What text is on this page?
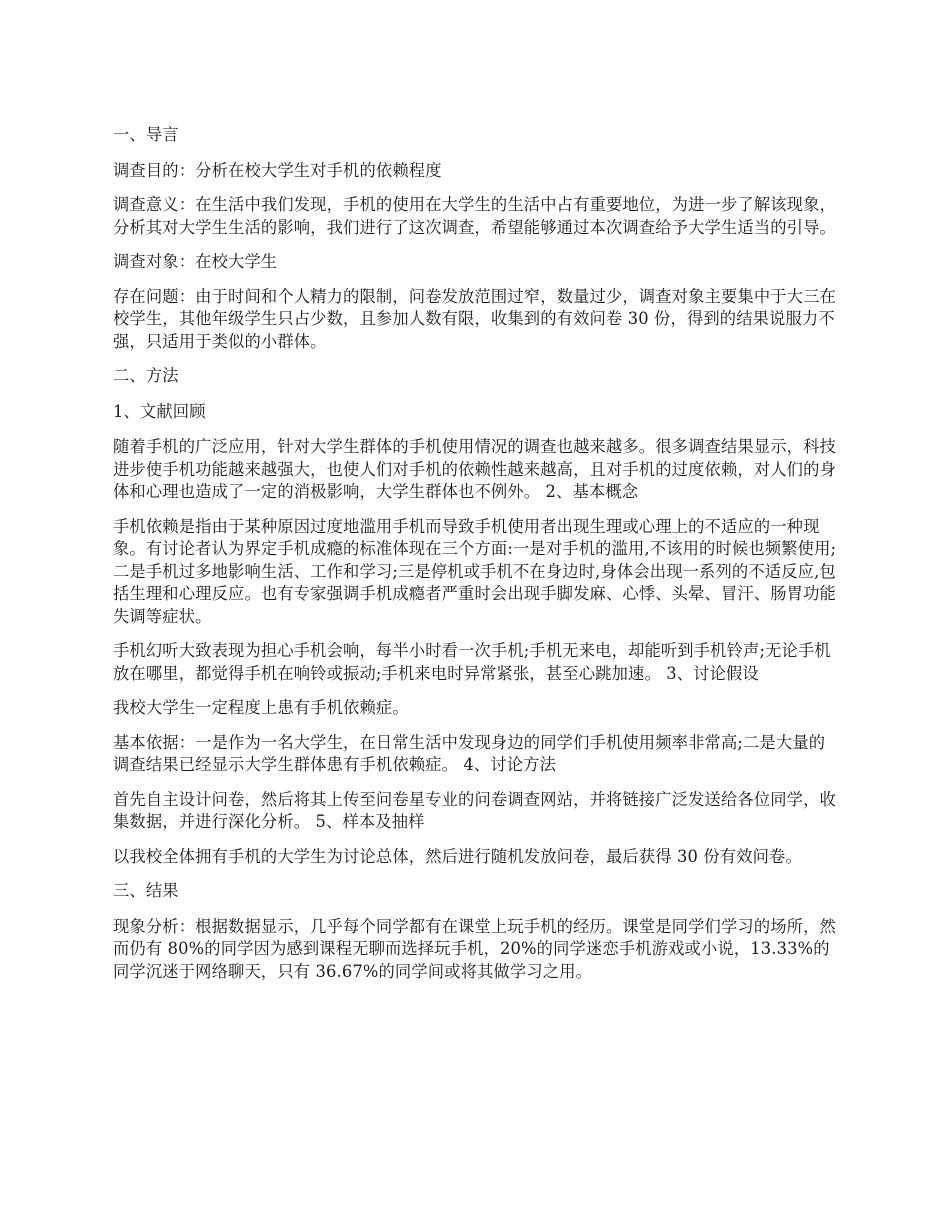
一、导言

调查目的：分析在校大学生对手机的依赖程度

调查意义：在生活中我们发现，手机的使用在大学生的生活中占有重要地位，为进一步了解该现象，分析其对大学生生活的影响，我们进行了这次调查，希望能够通过本次调查给予大学生适当的引导。

调查对象：在校大学生

存在问题：由于时间和个人精力的限制，问卷发放范围过窄，数量过少，调查对象主要集中于大三在校学生，其他年级学生只占少数，且参加人数有限，收集到的有效问卷 30 份，得到的结果说服力不强，只适用于类似的小群体。

二、方法

1、文献回顾

随着手机的广泛应用，针对大学生群体的手机使用情况的调查也越来越多。很多调查结果显示，科技进步使手机功能越来越强大，也使人们对手机的依赖性越来越高，且对手机的过度依赖，对人们的身体和心理也造成了一定的消极影响，大学生群体也不例外。 2、基本概念

手机依赖是指由于某种原因过度地滥用手机而导致手机使用者出现生理或心理上的不适应的一种现象。有讨论者认为界定手机成瘾的标准体现在三个方面:一是对手机的滥用,不该用的时候也频繁使用;二是手机过多地影响生活、工作和学习;三是停机或手机不在身边时,身体会出现一系列的不适反应,包括生理和心理反应。也有专家强调手机成瘾者严重时会出现手脚发麻、心悸、头晕、冒汗、肠胃功能失调等症状。

手机幻听大致表现为担心手机会响，每半小时看一次手机;手机无来电，却能听到手机铃声;无论手机放在哪里，都觉得手机在响铃或振动;手机来电时异常紧张，甚至心跳加速。 3、讨论假设

我校大学生一定程度上患有手机依赖症。

基本依据：一是作为一名大学生，在日常生活中发现身边的同学们手机使用频率非常高;二是大量的调查结果已经显示大学生群体患有手机依赖症。 4、讨论方法

首先自主设计问卷，然后将其上传至问卷星专业的问卷调查网站，并将链接广泛发送给各位同学，收集数据，并进行深化分析。 5、样本及抽样

以我校全体拥有手机的大学生为讨论总体，然后进行随机发放问卷，最后获得 30 份有效问卷。

三、结果

现象分析：根据数据显示，几乎每个同学都有在课堂上玩手机的经历。课堂是同学们学习的场所，然而仍有 80%的同学因为感到课程无聊而选择玩手机，20%的同学迷恋手机游戏或小说，13.33%的同学沉迷于网络聊天，只有 36.67%的同学间或将其做学习之用。
